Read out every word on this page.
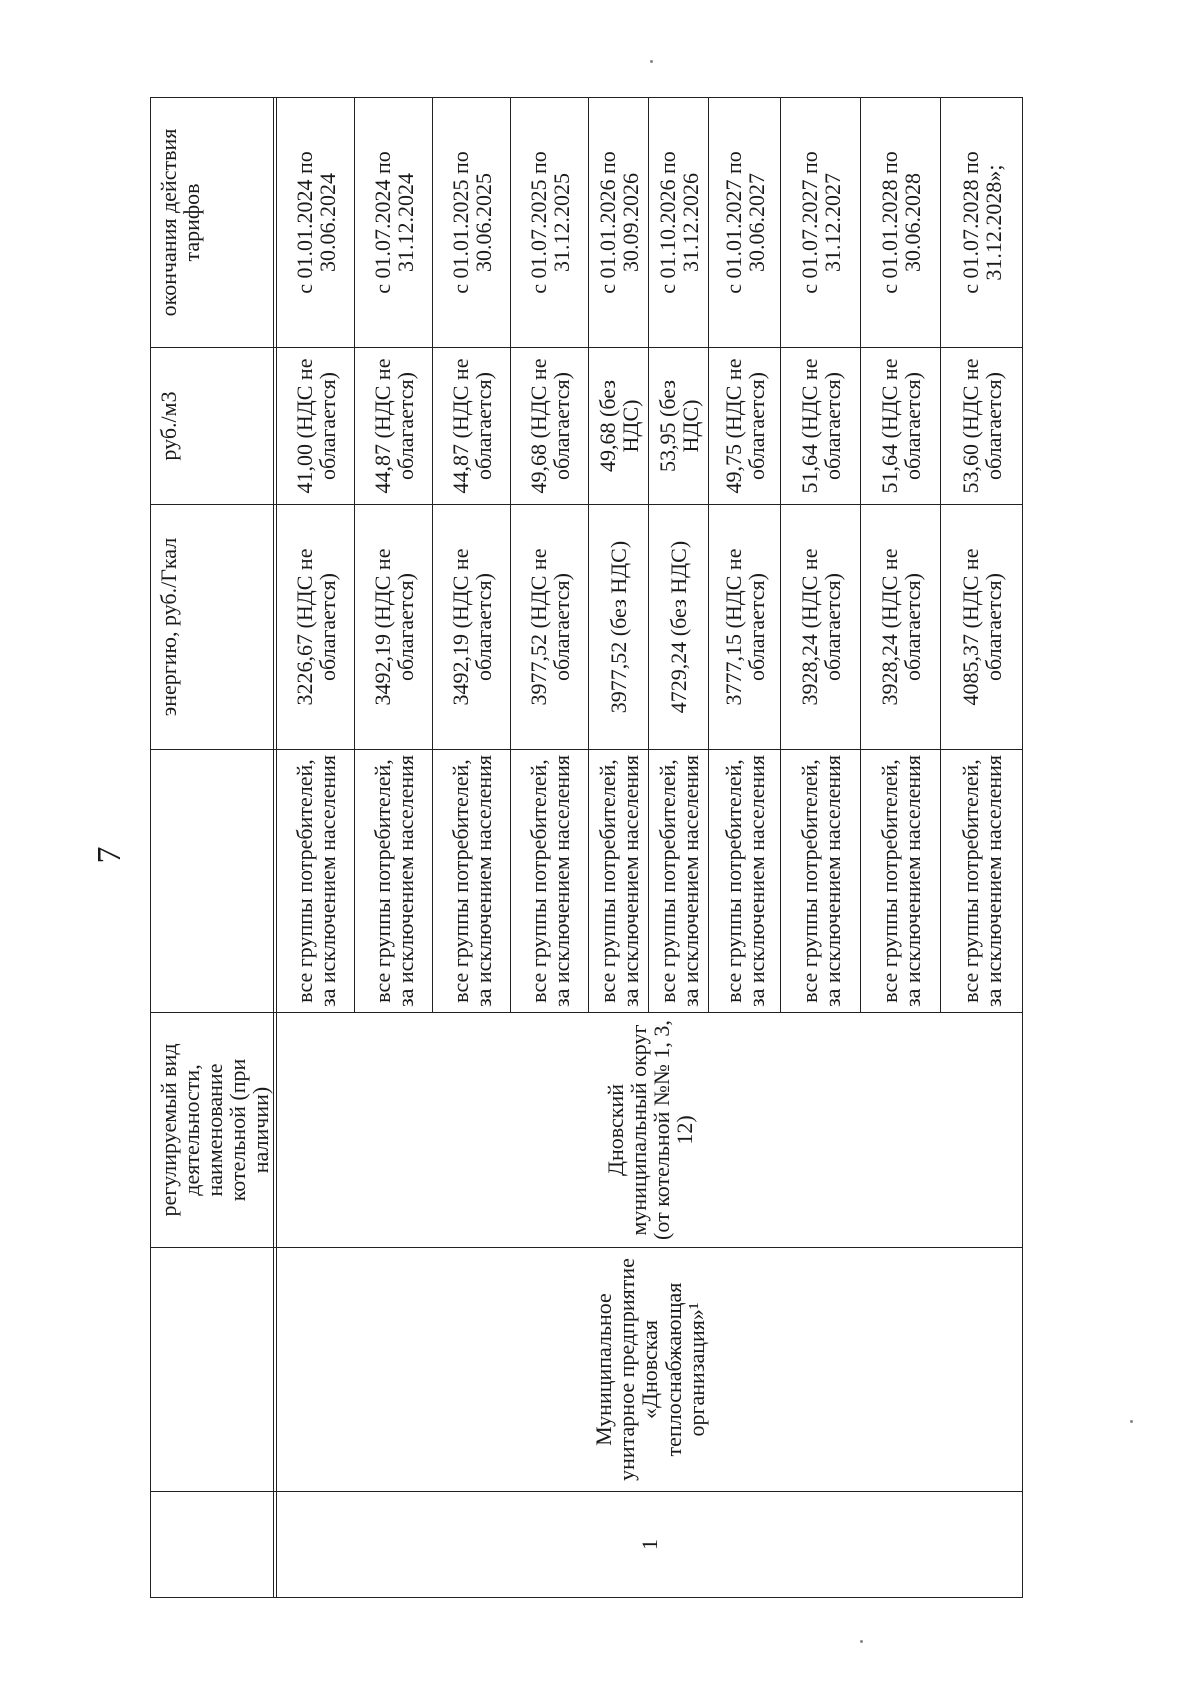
7
		регулируемый вид деятельности, наименование котельной (при наличии)		энергию, руб./Гкал	руб./м3	окончания действия тарифов

1	Муниципальное унитарное предприятие «Дновская теплоснабжающая организация»¹	Дновский муниципальный округ (от котельной №№ 1, 3, 12)	все группы потребителей, за исключением населения	3226,67 (НДС не облагается)	41,00 (НДС не облагается)	с 01.01.2024 по 30.06.2024
			все группы потребителей, за исключением населения	3492,19 (НДС не облагается)	44,87 (НДС не облагается)	с 01.07.2024 по 31.12.2024
			все группы потребителей, за исключением населения	3492,19 (НДС не облагается)	44,87 (НДС не облагается)	с 01.01.2025 по 30.06.2025
			все группы потребителей, за исключением населения	3977,52 (НДС не облагается)	49,68 (НДС не облагается)	с 01.07.2025 по 31.12.2025
			все группы потребителей, за исключением населения	3977,52 (без НДС)	49,68 (без НДС)	с 01.01.2026 по 30.09.2026
			все группы потребителей, за исключением населения	4729,24 (без НДС)	53,95 (без НДС)	с 01.10.2026 по 31.12.2026
			все группы потребителей, за исключением населения	3777,15 (НДС не облагается)	49,75 (НДС не облагается)	с 01.01.2027 по 30.06.2027
			все группы потребителей, за исключением населения	3928,24 (НДС не облагается)	51,64 (НДС не облагается)	с 01.07.2027 по 31.12.2027
			все группы потребителей, за исключением населения	3928,24 (НДС не облагается)	51,64 (НДС не облагается)	с 01.01.2028 по 30.06.2028
			все группы потребителей, за исключением населения	4085,37 (НДС не облагается)	53,60 (НДС не облагается)	с 01.07.2028 по 31.12.2028»;
